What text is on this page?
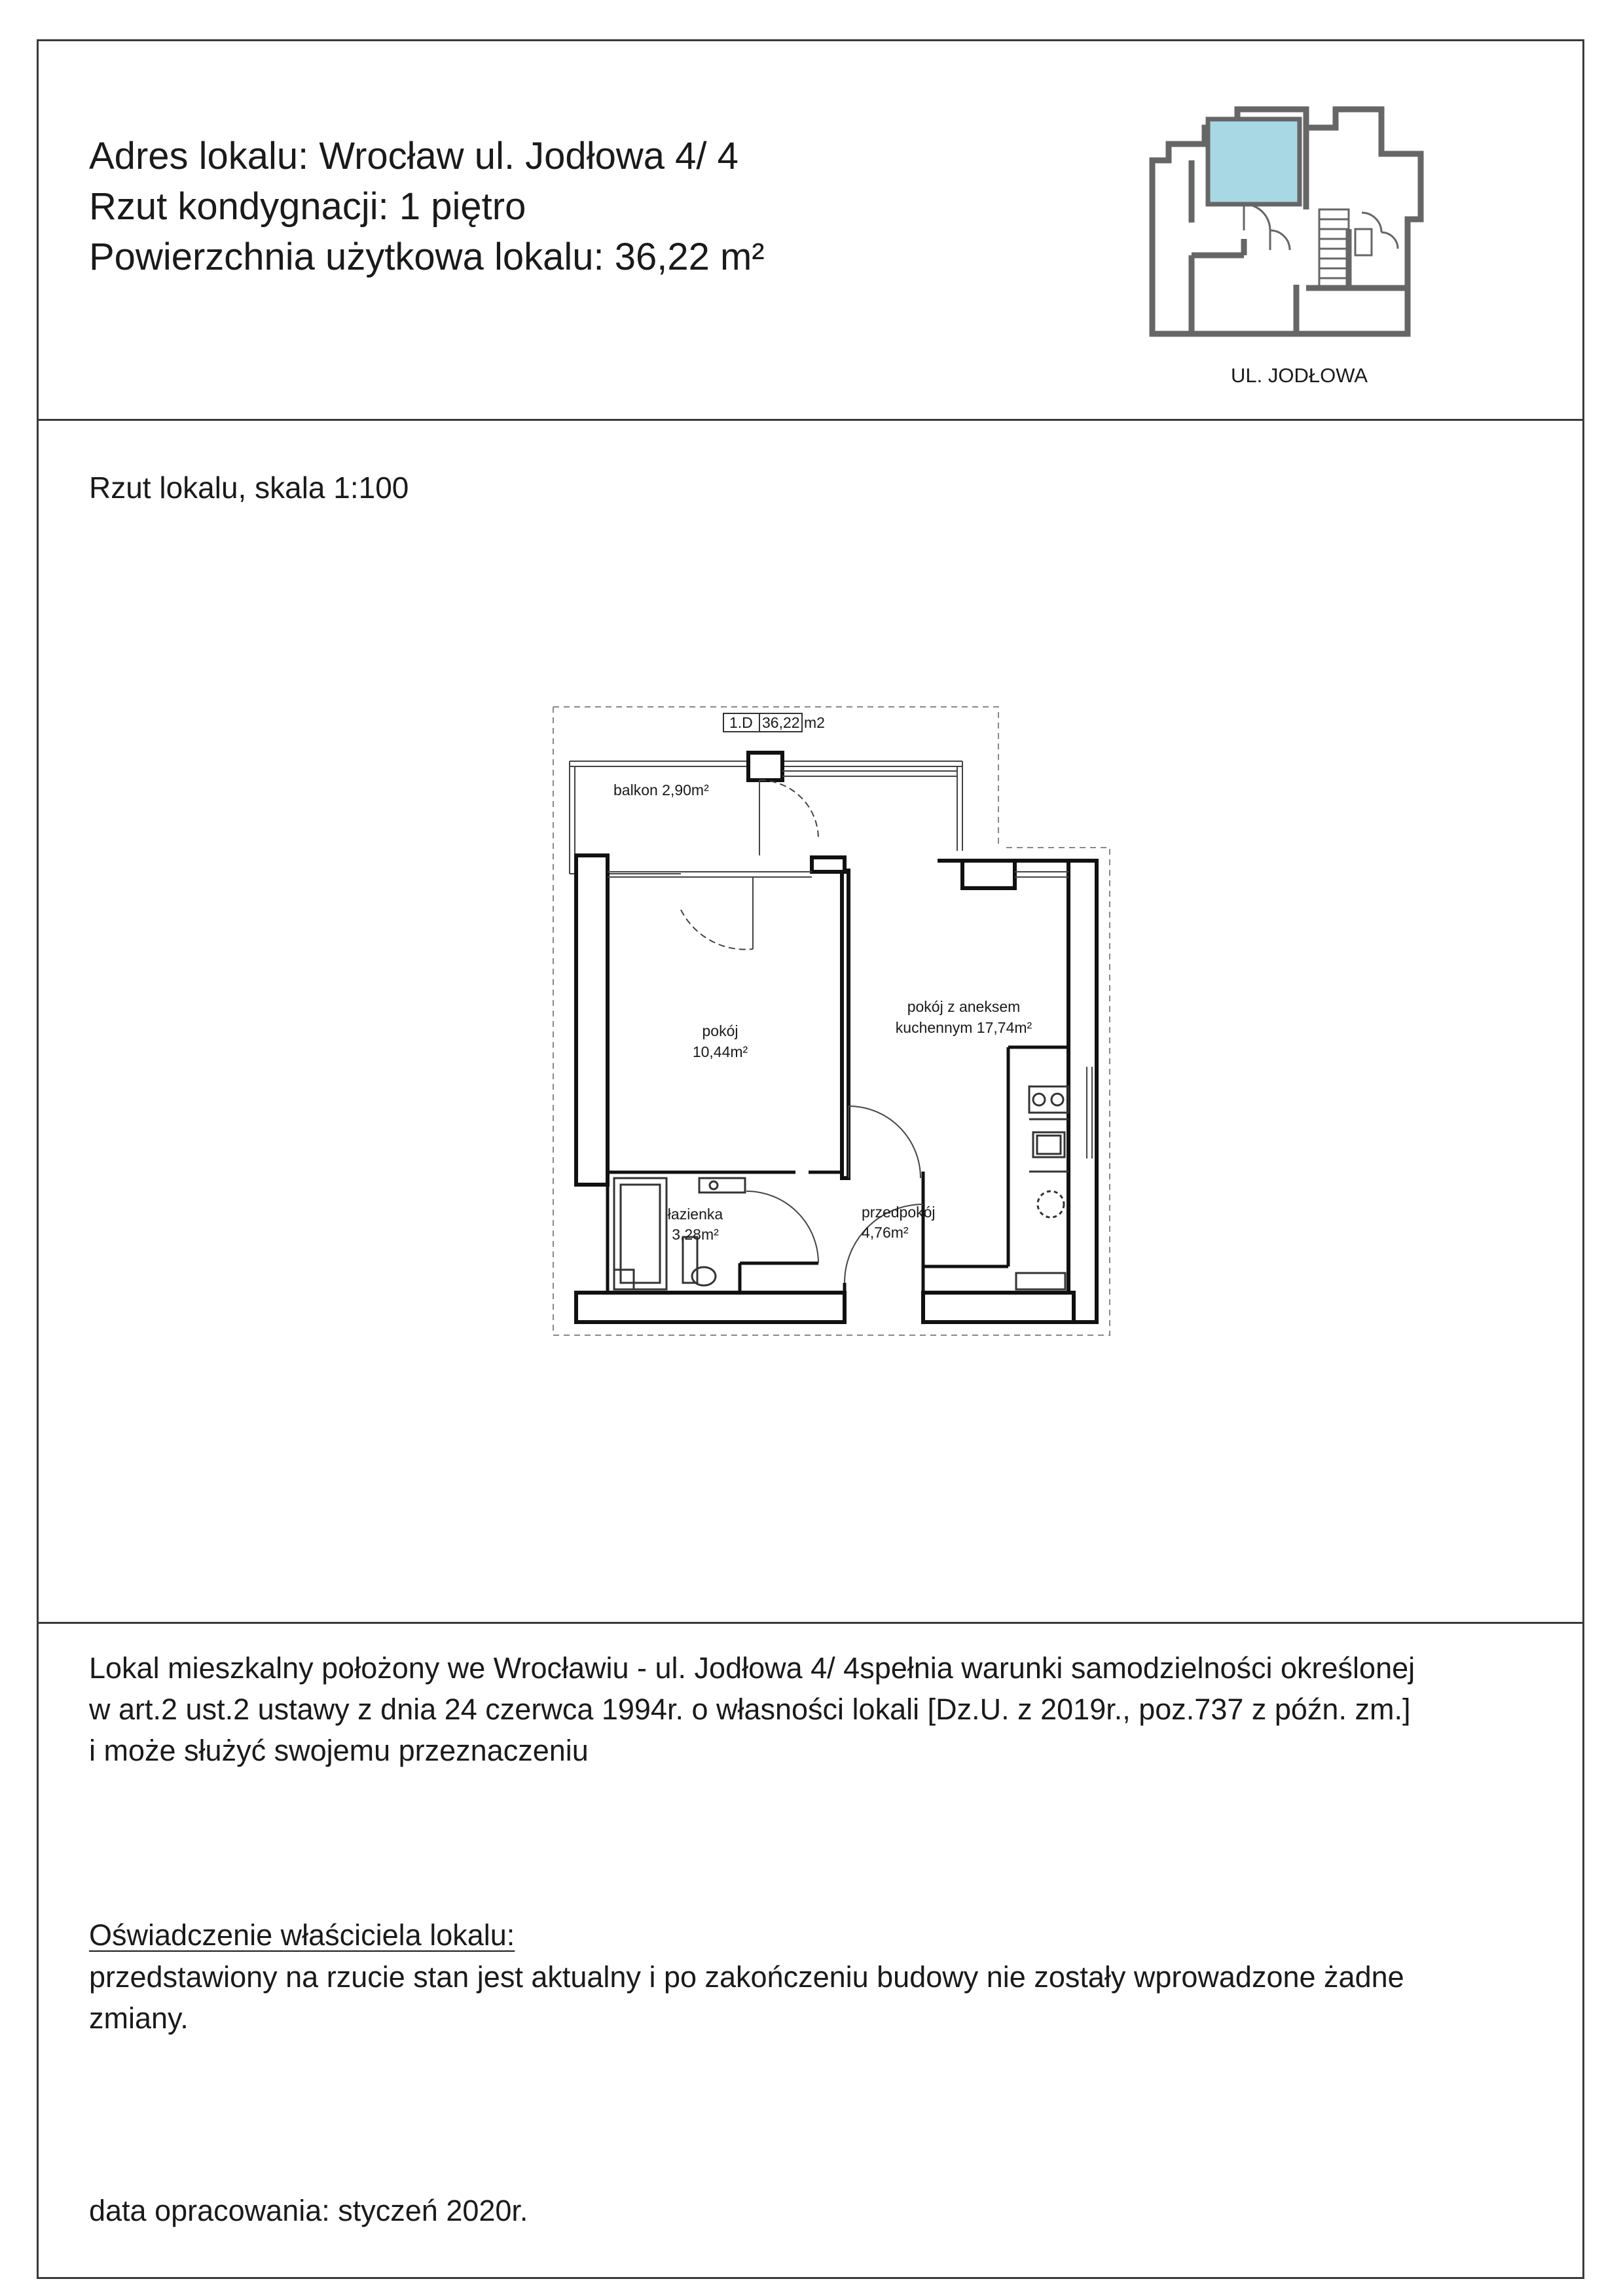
Adres lokalu: Wrocław ul. Jodłowa 4/ 4
Rzut kondygnacji: 1 piętro
Powierzchnia użytkowa lokalu: 36,22 m²
UL. JODŁOWA
Rzut lokalu, skala 1:100
1.D 36,22 m2
balkon 2,90m²
pokój
10,44m²
pokój z aneksem
kuchennym 17,74m²
łazienka
3,28m²
przedpokój
4,76m²
Lokal mieszkalny położony we Wrocławiu - ul. Jodłowa 4/ 4spełnia warunki samodzielności określonej
w art.2 ust.2 ustawy z dnia 24 czerwca 1994r. o własności lokali [Dz.U. z 2019r., poz.737 z późn. zm.]
i może służyć swojemu przeznaczeniu
Oświadczenie właściciela lokalu:
przedstawiony na rzucie stan jest aktualny i po zakończeniu budowy nie zostały wprowadzone żadne
zmiany.
data opracowania: styczeń 2020r.
